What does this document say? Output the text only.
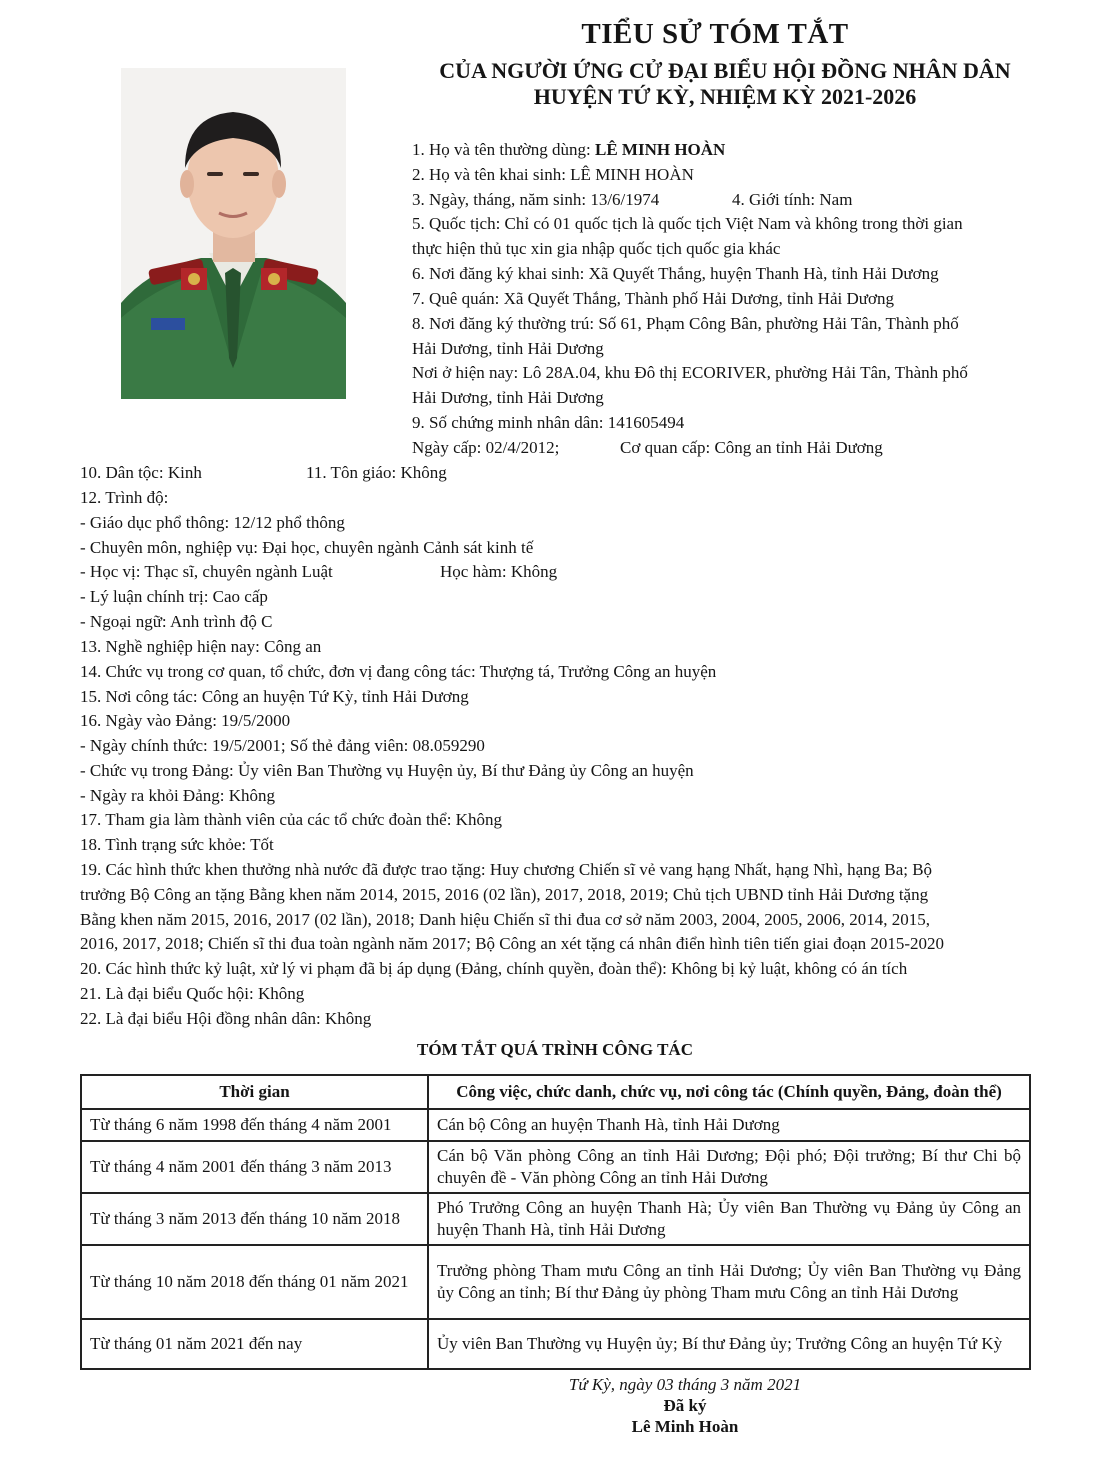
TIỂU SỬ TÓM TẮT
CỦA NGƯỜI ỨNG CỬ ĐẠI BIỂU HỘI ĐỒNG NHÂN DÂN
HUYỆN TỨ KỲ, NHIỆM KỲ 2021-2026
1. Họ và tên thường dùng: LÊ MINH HOÀN
2. Họ và tên khai sinh: LÊ MINH HOÀN
3. Ngày, tháng, năm sinh: 13/6/1974	4. Giới tính: Nam
5. Quốc tịch: Chỉ có 01 quốc tịch là quốc tịch Việt Nam và không trong thời gian
thực hiện thủ tục xin gia nhập quốc tịch quốc gia khác
6. Nơi đăng ký khai sinh: Xã Quyết Thắng, huyện Thanh Hà, tỉnh Hải Dương
7. Quê quán: Xã Quyết Thắng, Thành phố Hải Dương, tỉnh Hải Dương
8. Nơi đăng ký thường trú: Số 61, Phạm Công Bân, phường Hải Tân, Thành phố
Hải Dương, tỉnh Hải Dương
Nơi ở hiện nay: Lô 28A.04, khu Đô thị ECORIVER, phường Hải Tân, Thành phố
Hải Dương, tỉnh Hải Dương
9. Số chứng minh nhân dân: 141605494
Ngày cấp: 02/4/2012;	Cơ quan cấp: Công an tỉnh Hải Dương
10. Dân tộc: Kinh	11. Tôn giáo: Không
12. Trình độ:
- Giáo dục phổ thông: 12/12 phổ thông
- Chuyên môn, nghiệp vụ: Đại học, chuyên ngành Cảnh sát kinh tế
- Học vị: Thạc sĩ, chuyên ngành Luật	Học hàm: Không
- Lý luận chính trị: Cao cấp
- Ngoại ngữ: Anh trình độ C
13. Nghề nghiệp hiện nay: Công an
14. Chức vụ trong cơ quan, tổ chức, đơn vị đang công tác: Thượng tá, Trưởng Công an huyện
15. Nơi công tác: Công an huyện Tứ Kỳ, tỉnh Hải Dương
16. Ngày vào Đảng: 19/5/2000
- Ngày chính thức: 19/5/2001; Số thẻ đảng viên: 08.059290
- Chức vụ trong Đảng: Ủy viên Ban Thường vụ Huyện ủy, Bí thư Đảng ủy Công an huyện
- Ngày ra khỏi Đảng: Không
17. Tham gia làm thành viên của các tổ chức đoàn thể: Không
18. Tình trạng sức khỏe: Tốt
19. Các hình thức khen thưởng nhà nước đã được trao tặng: Huy chương Chiến sĩ vẻ vang hạng Nhất, hạng Nhì, hạng Ba; Bộ
trưởng Bộ Công an tặng Bằng khen năm 2014, 2015, 2016 (02 lần), 2017, 2018, 2019; Chủ tịch UBND tỉnh Hải Dương tặng
Bằng khen năm 2015, 2016, 2017 (02 lần), 2018; Danh hiệu Chiến sĩ thi đua cơ sở năm 2003, 2004, 2005, 2006, 2014, 2015,
2016, 2017, 2018; Chiến sĩ thi đua toàn ngành năm 2017; Bộ Công an xét tặng cá nhân điển hình tiên tiến giai đoạn 2015-2020
20. Các hình thức kỷ luật, xử lý vi phạm đã bị áp dụng (Đảng, chính quyền, đoàn thể): Không bị kỷ luật, không có án tích
21. Là đại biểu Quốc hội: Không
22. Là đại biểu Hội đồng nhân dân: Không
TÓM TẮT QUÁ TRÌNH CÔNG TÁC
Thời gian	Công việc, chức danh, chức vụ, nơi công tác (Chính quyền, Đảng, đoàn thể)
Từ tháng 6 năm 1998 đến tháng 4 năm 2001	Cán bộ Công an huyện Thanh Hà, tỉnh Hải Dương
Từ tháng 4 năm 2001 đến tháng 3 năm 2013	Cán bộ Văn phòng Công an tỉnh Hải Dương; Đội phó; Đội trưởng; Bí thư Chi bộ chuyên đề - Văn phòng Công an tỉnh Hải Dương
Từ tháng 3 năm 2013 đến tháng 10 năm 2018	Phó Trưởng Công an huyện Thanh Hà; Ủy viên Ban Thường vụ Đảng ủy Công an huyện Thanh Hà, tỉnh Hải Dương
Từ tháng 10 năm 2018 đến tháng 01 năm 2021	Trưởng phòng Tham mưu Công an tỉnh Hải Dương; Ủy viên Ban Thường vụ Đảng ủy Công an tỉnh; Bí thư Đảng ủy phòng Tham mưu Công an tỉnh Hải Dương
Từ tháng 01 năm 2021 đến nay	Ủy viên Ban Thường vụ Huyện ủy; Bí thư Đảng ủy; Trưởng Công an huyện Tứ Kỳ
Tứ Kỳ, ngày 03 tháng 3 năm 2021
Đã ký
Lê Minh Hoàn
